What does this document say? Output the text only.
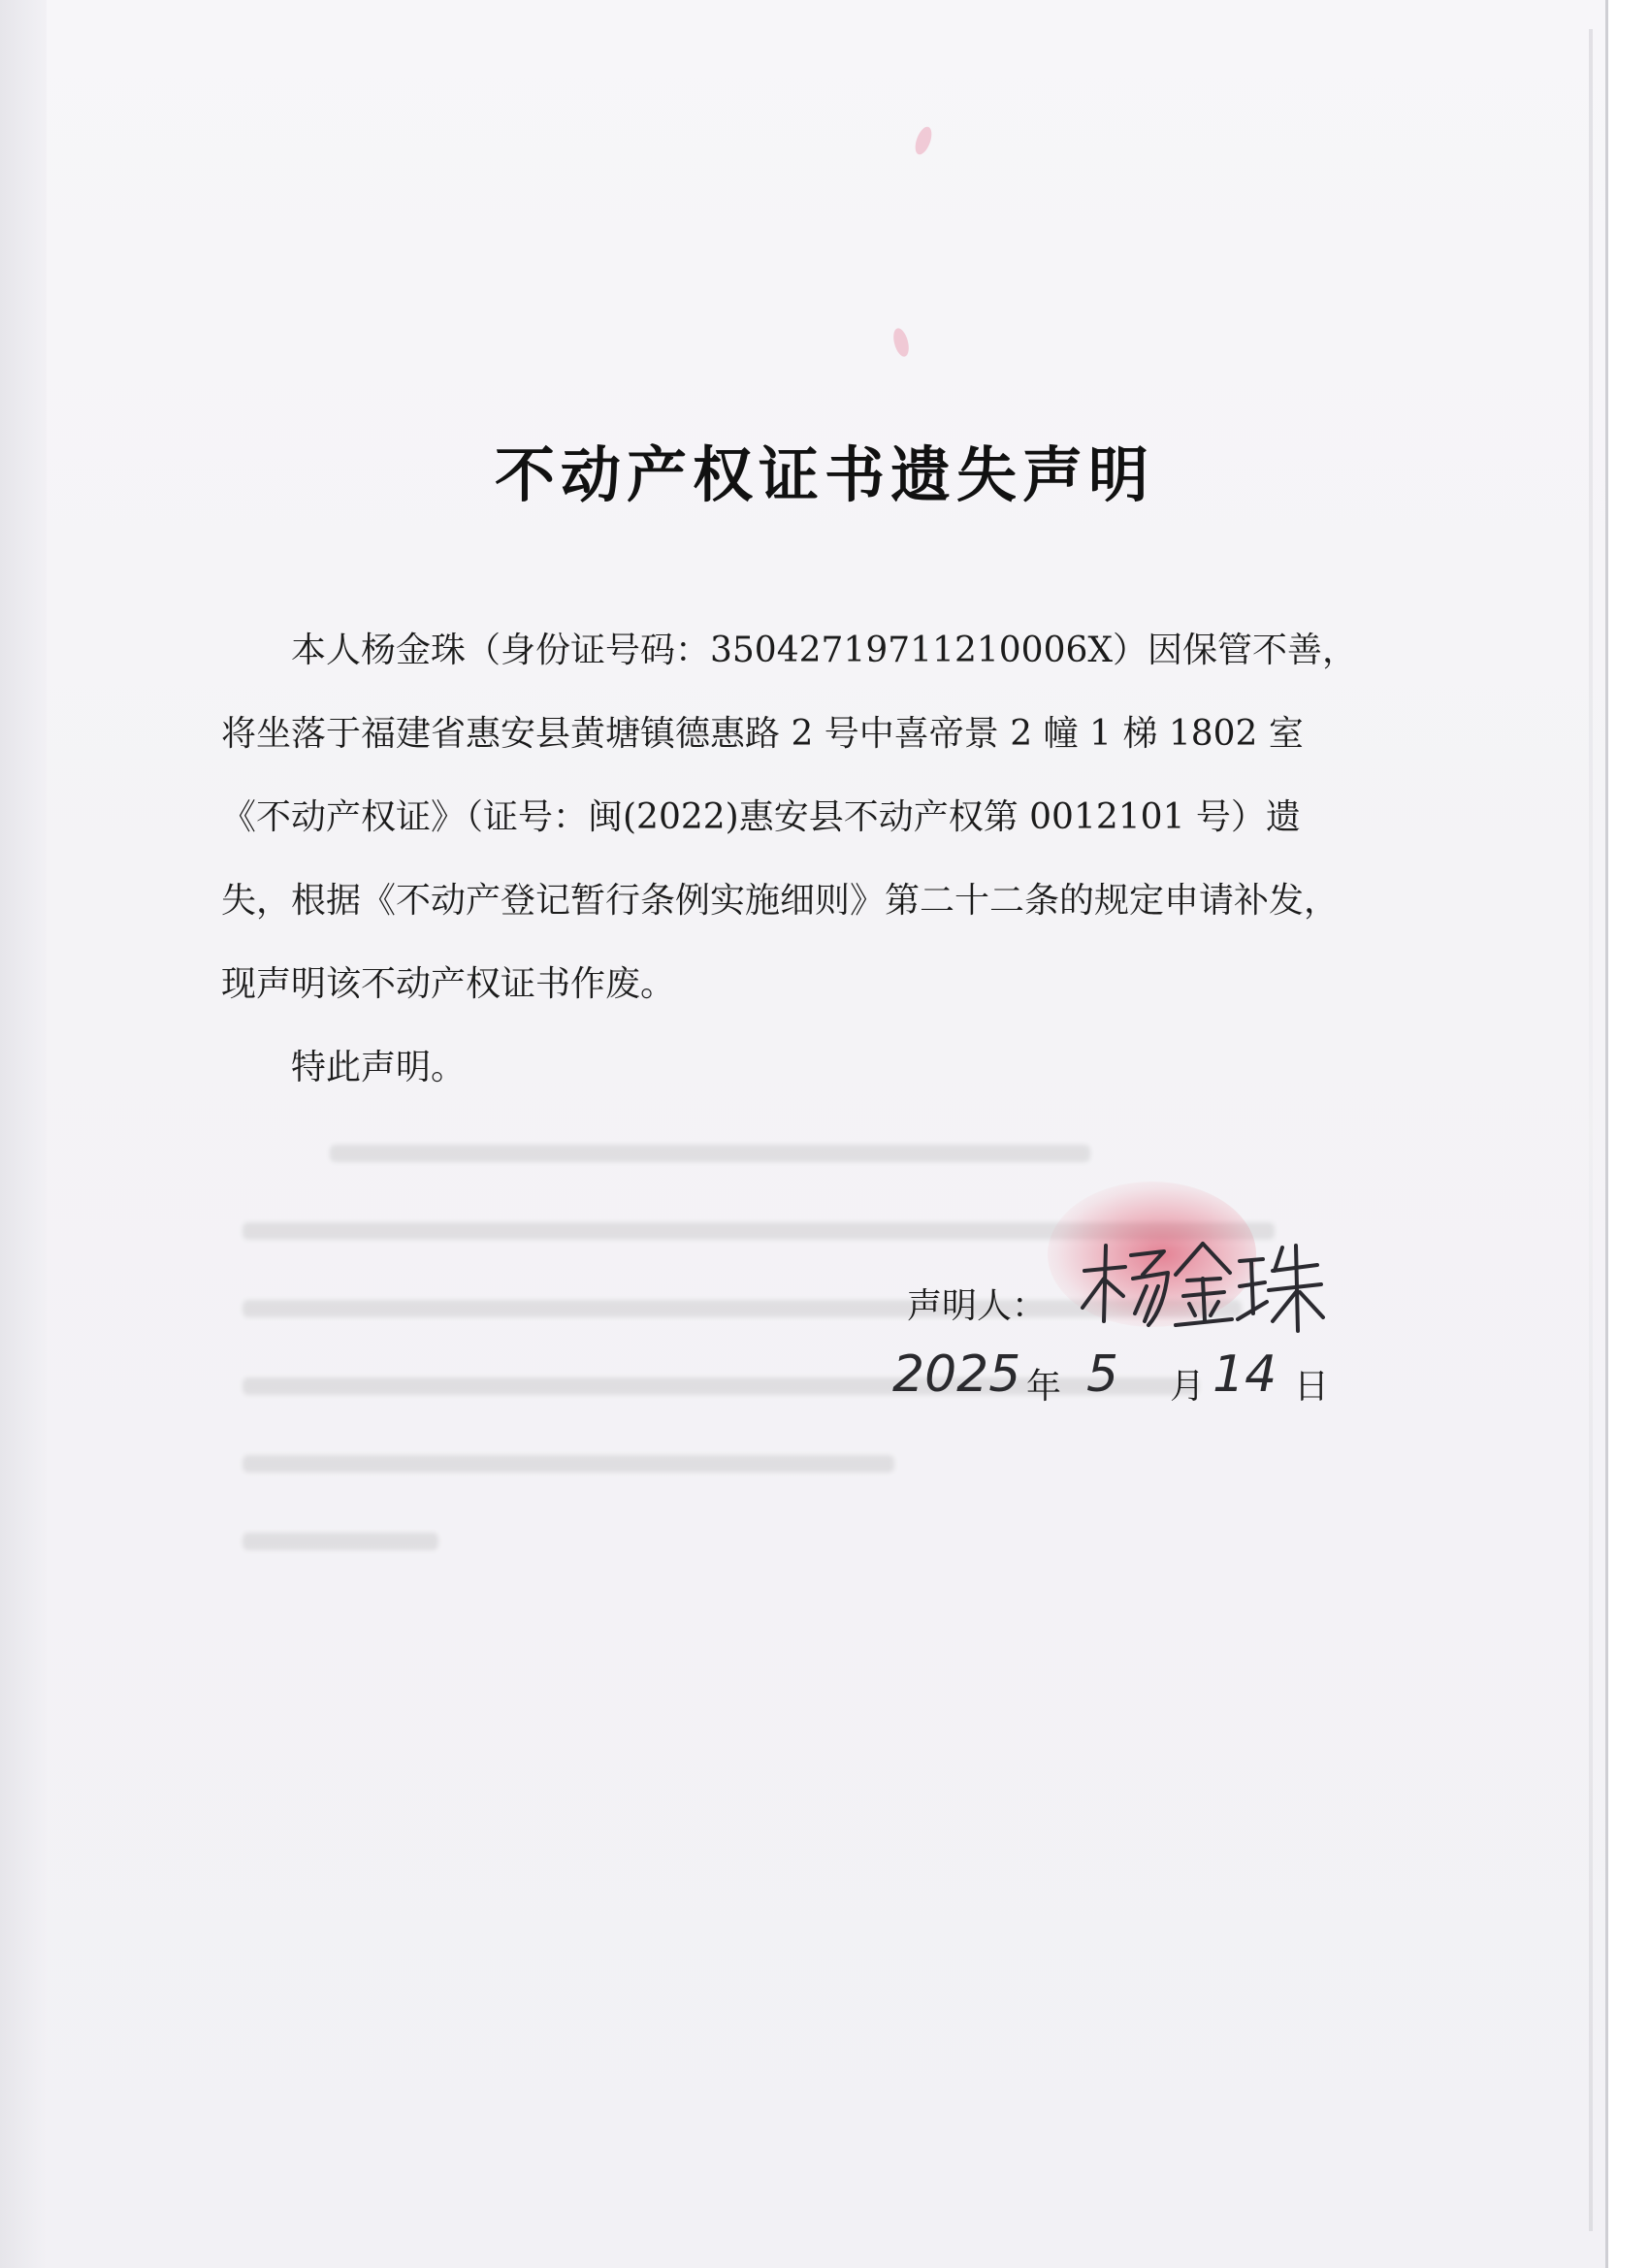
不动产权证书遗失声明

本人杨金珠（身份证号码：35042719711210006X）因保管不善，将坐落于福建省惠安县黄塘镇德惠路 2 号中喜帝景 2 幢 1 梯 1802 室《不动产权证》（证号：闽(2022)惠安县不动产权第 0012101 号）遗失，根据《不动产登记暂行条例实施细则》第二十二条的规定申请补发，现声明该不动产权证书作废。

特此声明。

声明人：
2025 年 5 月 14 日
